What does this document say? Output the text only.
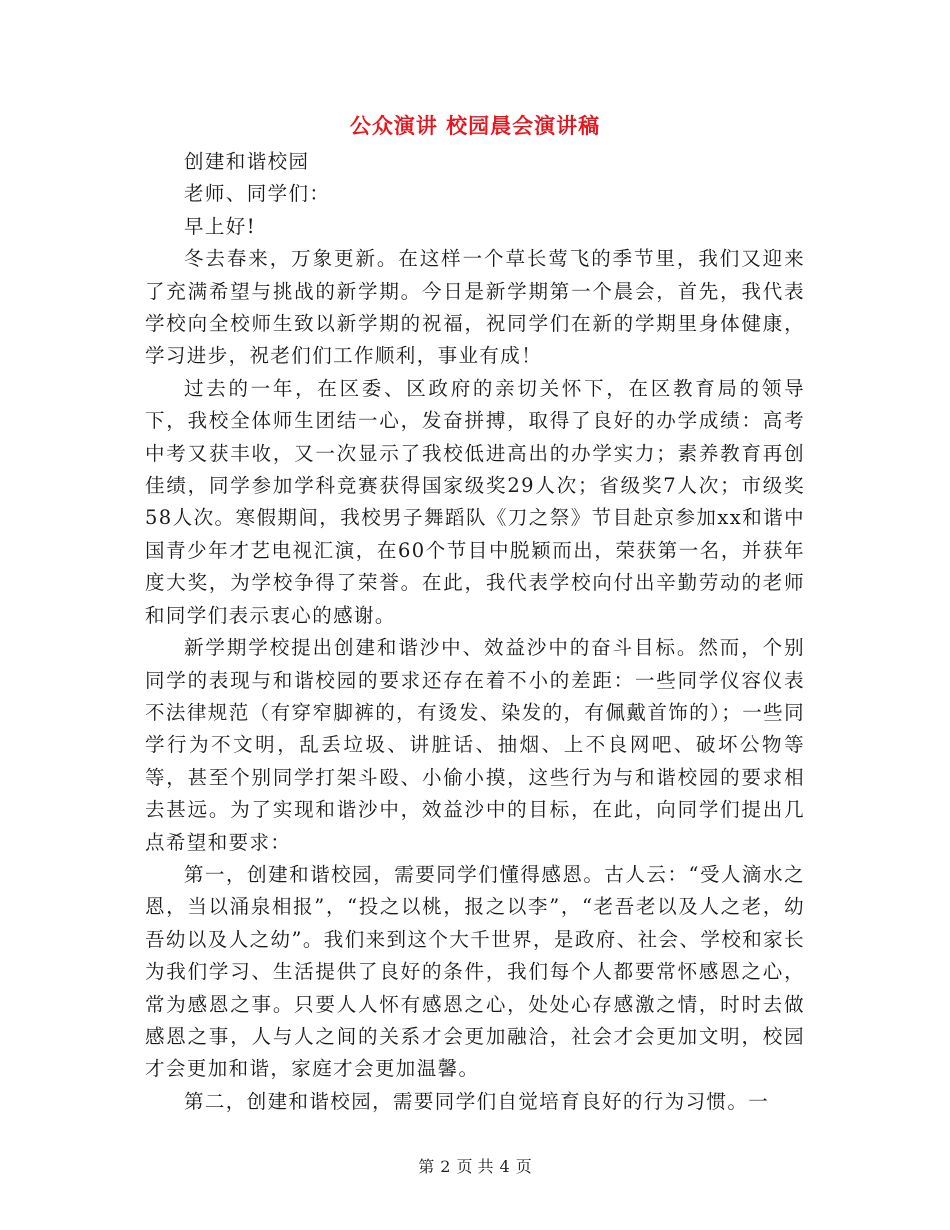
公众演讲 校园晨会演讲稿

创建和谐校园

老师、同学们：

早上好!

冬去春来，万象更新。在这样一个草长莺飞的季节里，我们又迎来了充满希望与挑战的新学期。今日是新学期第一个晨会，首先，我代表学校向全校师生致以新学期的祝福，祝同学们在新的学期里身体健康，学习进步，祝老们们工作顺利，事业有成！

过去的一年，在区委、区政府的亲切关怀下，在区教育局的领导下，我校全体师生团结一心，发奋拼搏，取得了良好的办学成绩：高考中考又获丰收，又一次显示了我校低进高出的办学实力；素养教育再创佳绩，同学参加学科竞赛获得国家级奖29人次；省级奖7人次；市级奖58人次。寒假期间，我校男子舞蹈队《刀之祭》节目赴京参加xx和谐中国青少年才艺电视汇演，在60个节目中脱颖而出，荣获第一名，并获年度大奖，为学校争得了荣誉。在此，我代表学校向付出辛勤劳动的老师和同学们表示衷心的感谢。

新学期学校提出创建和谐沙中、效益沙中的奋斗目标。然而，个别同学的表现与和谐校园的要求还存在着不小的差距：一些同学仪容仪表不法律规范（有穿窄脚裤的，有烫发、染发的，有佩戴首饰的）；一些同学行为不文明，乱丢垃圾、讲脏话、抽烟、上不良网吧、破坏公物等等，甚至个别同学打架斗殴、小偷小摸，这些行为与和谐校园的要求相去甚远。为了实现和谐沙中，效益沙中的目标，在此，向同学们提出几点希望和要求：

第一，创建和谐校园，需要同学们懂得感恩。古人云：“受人滴水之恩，当以涌泉相报”，“投之以桃，报之以李”，“老吾老以及人之老，幼吾幼以及人之幼”。我们来到这个大千世界，是政府、社会、学校和家长为我们学习、生活提供了良好的条件，我们每个人都要常怀感恩之心，常为感恩之事。只要人人怀有感恩之心，处处心存感激之情，时时去做感恩之事，人与人之间的关系才会更加融洽，社会才会更加文明，校园才会更加和谐，家庭才会更加温馨。

第二，创建和谐校园，需要同学们自觉培育良好的行为习惯。一

第 2 页 共 4 页
